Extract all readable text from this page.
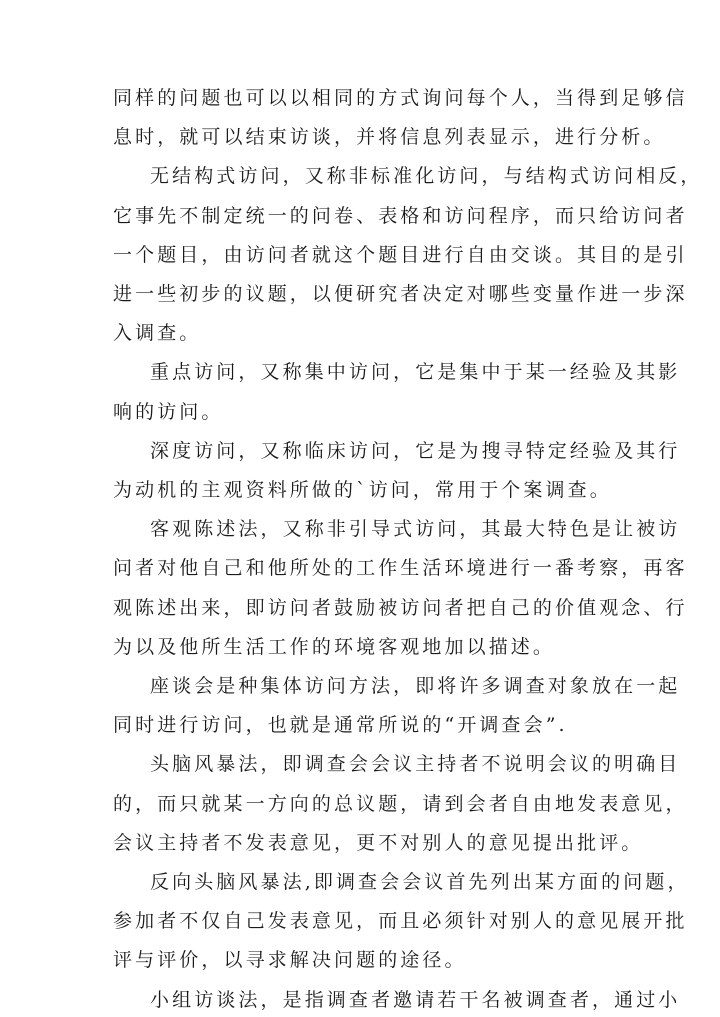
同样的问题也可以以相同的方式询问每个人，当得到足够信
息时，就可以结束访谈，并将信息列表显示，进行分析。
无结构式访问，又称非标准化访问，与结构式访问相反，
它事先不制定统一的问卷、表格和访问程序，而只给访问者
一个题目，由访问者就这个题目进行自由交谈。其目的是引
进一些初步的议题，以便研究者决定对哪些变量作进一步深
入调查。
重点访问，又称集中访问，它是集中于某一经验及其影
响的访问。
深度访问，又称临床访问，它是为搜寻特定经验及其行
为动机的主观资料所做的`访问，常用于个案调查。
客观陈述法，又称非引导式访问，其最大特色是让被访
问者对他自己和他所处的工作生活环境进行一番考察，再客
观陈述出来，即访问者鼓励被访问者把自己的价值观念、行
为以及他所生活工作的环境客观地加以描述。
座谈会是种集体访问方法，即将许多调查对象放在一起
同时进行访问，也就是通常所说的“开调查会”.
头脑风暴法，即调查会会议主持者不说明会议的明确目
的，而只就某一方向的总议题，请到会者自由地发表意见，
会议主持者不发表意见，更不对别人的意见提出批评。
反向头脑风暴法,即调查会会议首先列出某方面的问题，
参加者不仅自己发表意见，而且必须针对别人的意见展开批
评与评价，以寻求解决问题的途径。
小组访谈法，是指调查者邀请若干名被调查者，通过小
